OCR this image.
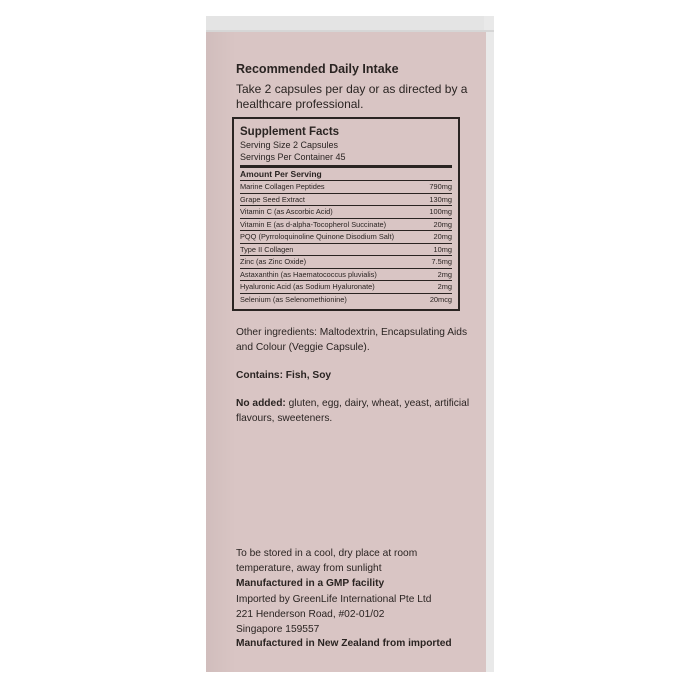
Recommended Daily Intake
Take 2 capsules per day or as directed by a healthcare professional.
Supplement Facts
Serving Size 2 Capsules
Servings Per Container 45
Amount Per Serving
Marine Collagen Peptides	790mg
Grape Seed Extract	130mg
Vitamin C (as Ascorbic Acid)	100mg
Vitamin E (as d-alpha-Tocopherol Succinate)	20mg
PQQ (Pyrroloquinoline Quinone Disodium Salt)	20mg
Type II Collagen	10mg
Zinc (as Zinc Oxide)	7.5mg
Astaxanthin (as Haematococcus pluvialis)	2mg
Hyaluronic Acid (as Sodium Hyaluronate)	2mg
Selenium (as Selenomethionine)	20mcg
Other ingredients: Maltodextrin, Encapsulating Aids and Colour (Veggie Capsule).
Contains: Fish, Soy
No added: gluten, egg, dairy, wheat, yeast, artificial flavours, sweeteners.
To be stored in a cool, dry place at room temperature, away from sunlight
Manufactured in a GMP facility
Imported by GreenLife International Pte Ltd
221 Henderson Road, #02-01/02
Singapore 159557
Manufactured in New Zealand from imported
